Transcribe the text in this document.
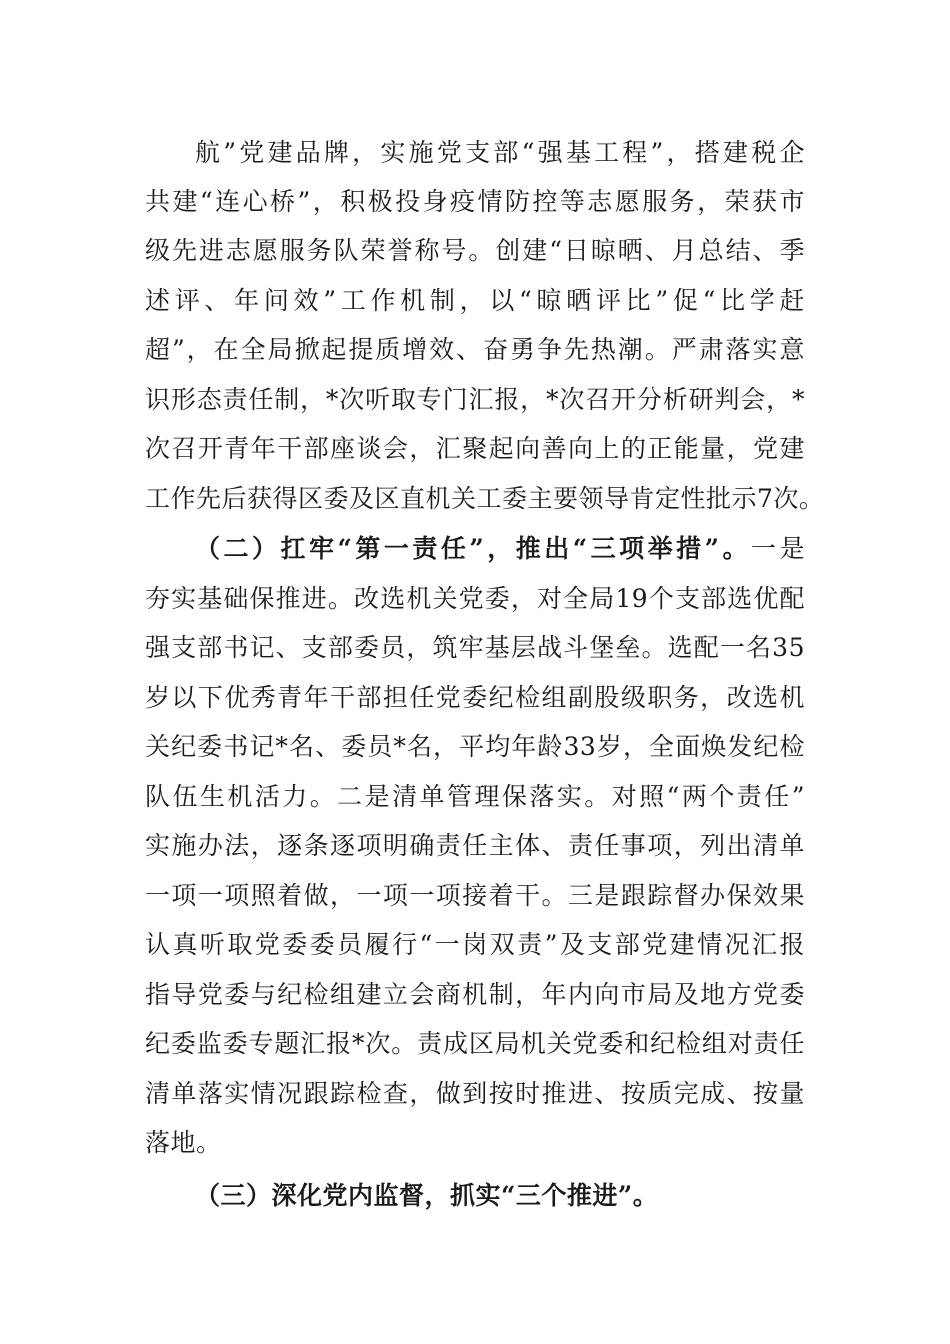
航”党建品牌，实施党支部“强基工程”，搭建税企
共建“连心桥”，积极投身疫情防控等志愿服务，荣获市
级先进志愿服务队荣誉称号。创建“日晾晒、月总结、季
述评、年问效”工作机制，以“晾晒评比”促“比学赶
超”，在全局掀起提质增效、奋勇争先热潮。严肃落实意
识形态责任制，*次听取专门汇报，*次召开分析研判会，*
次召开青年干部座谈会，汇聚起向善向上的正能量，党建
工作先后获得区委及区直机关工委主要领导肯定性批示7次。
（二）扛牢“第一责任”，推出“三项举措”。一是
夯实基础保推进。改选机关党委，对全局19个支部选优配
强支部书记、支部委员，筑牢基层战斗堡垒。选配一名35
岁以下优秀青年干部担任党委纪检组副股级职务，改选机
关纪委书记*名、委员*名，平均年龄33岁，全面焕发纪检
队伍生机活力。二是清单管理保落实。对照“两个责任”
实施办法，逐条逐项明确责任主体、责任事项，列出清单
一项一项照着做，一项一项接着干。三是跟踪督办保效果
认真听取党委委员履行“一岗双责”及支部党建情况汇报
指导党委与纪检组建立会商机制，年内向市局及地方党委
纪委监委专题汇报*次。责成区局机关党委和纪检组对责任
清单落实情况跟踪检查，做到按时推进、按质完成、按量
落地。
（三）深化党内监督，抓实“三个推进”。
